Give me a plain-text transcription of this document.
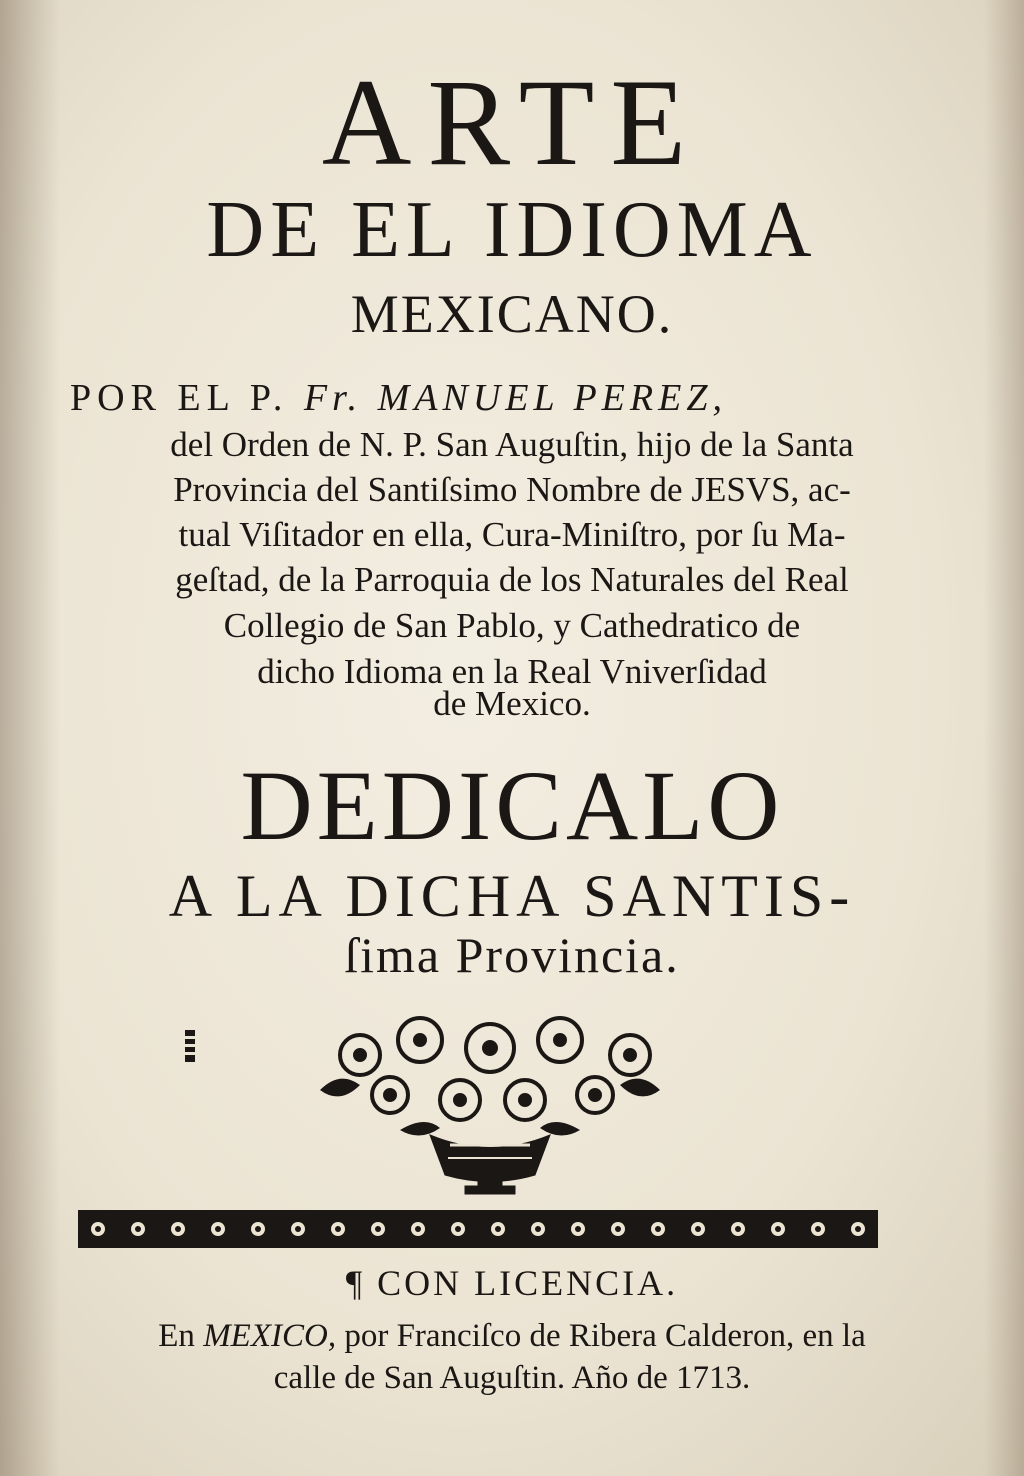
ARTE
DE EL IDIOMA
MEXICANO.
POR EL P. Fr. MANUEL PEREZ,
del Orden de N. P. San Auguſtin, hijo de la Santa
Provincia del Santiſsimo Nombre de JESVS, ac-
tual Viſitador en ella, Cura-Miniſtro, por ſu Ma-
geſtad, de la Parroquia de los Naturales del Real
Collegio de San Pablo, y Cathedratico de
dicho Idioma en la Real Vniverſidad
de Mexico.
DEDICALO
A LA DICHA SANTIS-
ſima Provincia.
¶ CON LICENCIA.
En MEXICO, por Franciſco de Ribera Calderon, en la
calle de San Auguſtin. Año de 1713.
